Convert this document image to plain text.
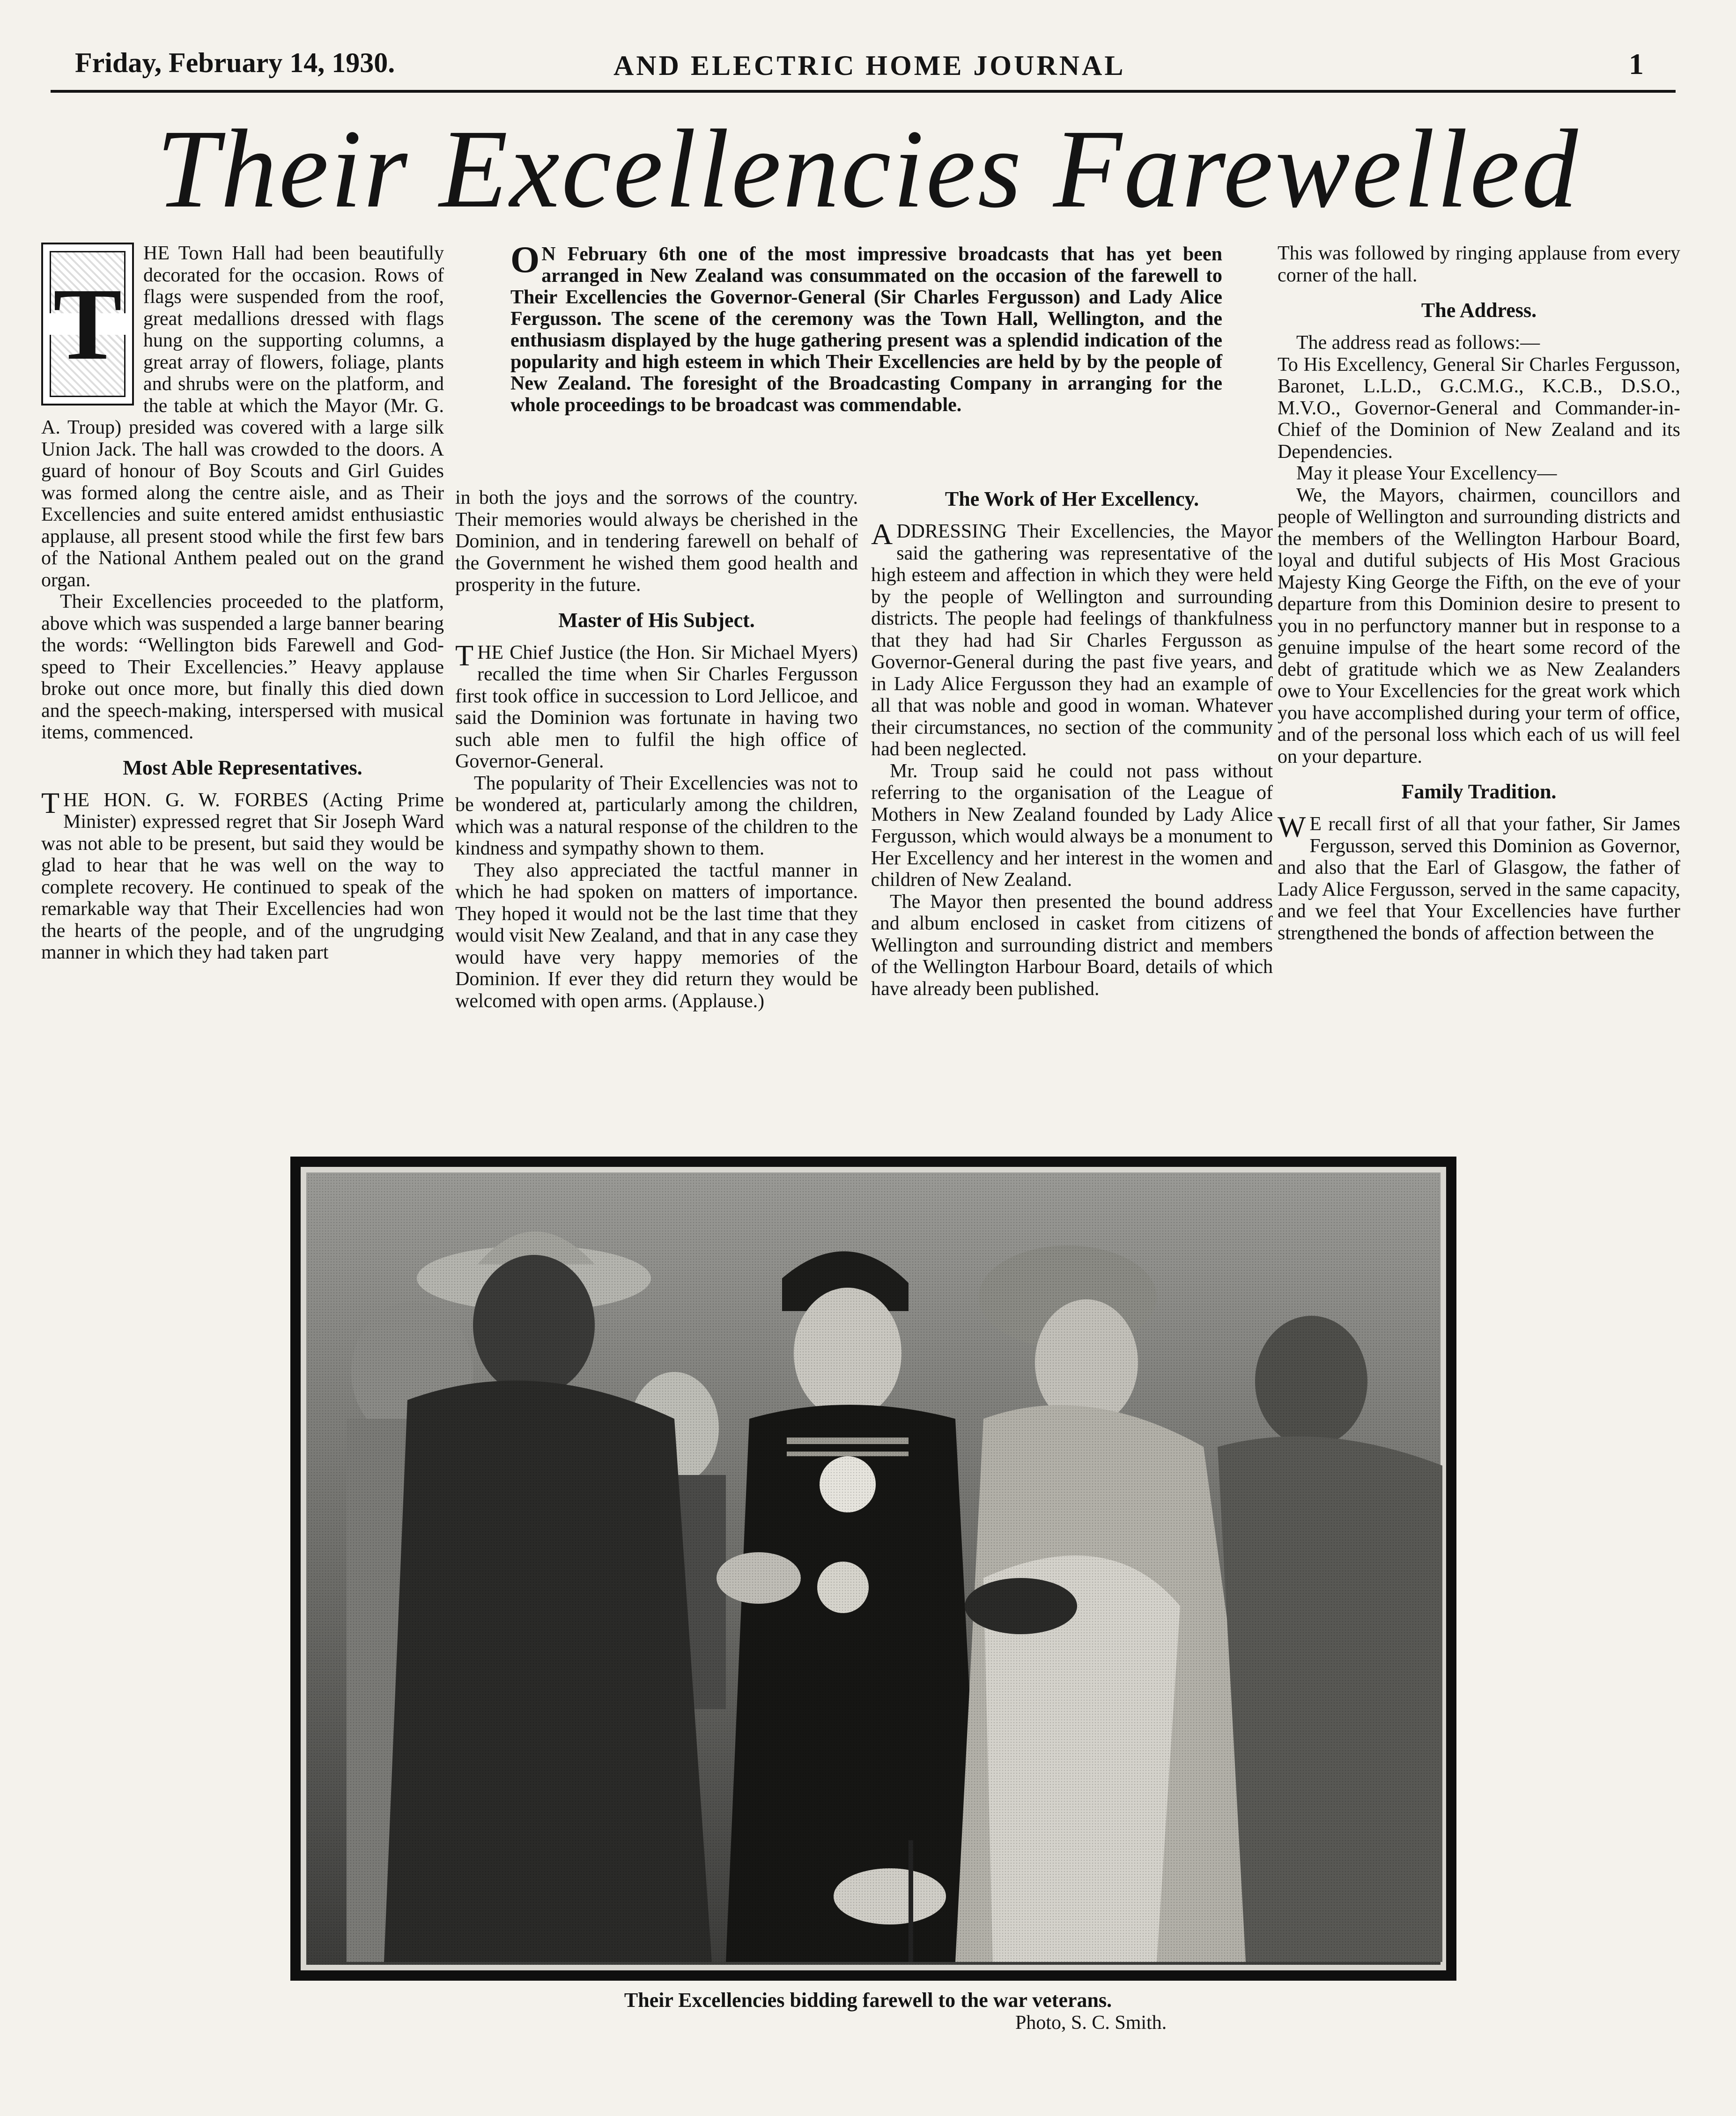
Friday, February 14, 1930.	AND ELECTRIC HOME JOURNAL	1
Their Excellencies Farewelled
O N February 6th one of the most impressive broadcasts that has yet been arranged in New Zealand was consummated on the occasion of the farewell to Their Excellencies the Governor-General (Sir Charles Fergusson) and Lady Alice Fergusson. The scene of the ceremony was the Town Hall, Wellington, and the enthusiasm displayed by the huge gathering present was a splendid indication of the popularity and high esteem in which Their Excellencies are held by by the people of New Zealand. The foresight of the Broadcasting Company in arranging for the whole proceedings to be broadcast was commendable.

T
HE Town Hall had been beautifully decorated for the occasion. Rows of flags were suspended from the roof, great medallions dressed with flags hung on the supporting columns, a great array of flowers, foliage, plants and shrubs were on the platform, and the table at which the Mayor (Mr. G. A. Troup) presided was covered with a large silk Union Jack. The hall was crowded to the doors. A guard of honour of Boy Scouts and Girl Guides was formed along the centre aisle, and as Their Excellencies and suite entered amidst enthusiastic applause, all present stood while the first few bars of the National Anthem pealed out on the grand organ.

Their Excellencies proceeded to the platform, above which was suspended a large banner bearing the words: “Wellington bids Farewell and God-speed to Their Excellencies.” Heavy applause broke out once more, but finally this died down and the speech-making, interspersed with musical items, commenced.

Most Able Representatives.

THE HON. G. W. FORBES (Acting Prime Minister) expressed regret that Sir Joseph Ward was not able to be present, but said they would be glad to hear that he was well on the way to complete recovery. He continued to speak of the remarkable way that Their Excellencies had won the hearts of the people, and of the ungrudging manner in which they had taken part

in both the joys and the sorrows of the country. Their memories would always be cherished in the Dominion, and in tendering farewell on behalf of the Government he wished them good health and prosperity in the future.

Master of His Subject.

THE Chief Justice (the Hon. Sir Michael Myers) recalled the time when Sir Charles Fergusson first took office in succession to Lord Jellicoe, and said the Dominion was fortunate in having two such able men to fulfil the high office of Governor-General.

The popularity of Their Excellencies was not to be wondered at, particularly among the children, which was a natural response of the children to the kindness and sympathy shown to them.

They also appreciated the tactful manner in which he had spoken on matters of importance. They hoped it would not be the last time that they would visit New Zealand, and that in any case they would have very happy memories of the Dominion. If ever they did return they would be welcomed with open arms. (Applause.)

The Work of Her Excellency.

ADDRESSING Their Excellencies, the Mayor said the gathering was representative of the high esteem and affection in which they were held by the people of Wellington and surrounding districts. The people had feelings of thankfulness that they had had Sir Charles Fergusson as Governor-General during the past five years, and in Lady Alice Fergusson they had an example of all that was noble and good in woman. Whatever their circumstances, no section of the community had been neglected.

Mr. Troup said he could not pass without referring to the organisation of the League of Mothers in New Zealand founded by Lady Alice Fergusson, which would always be a monument to Her Excellency and her interest in the women and children of New Zealand.

The Mayor then presented the bound address and album enclosed in casket from citizens of Wellington and surrounding district and members of the Wellington Harbour Board, details of which have already been published.

This was followed by ringing applause from every corner of the hall.

The Address.

The address read as follows:—

To His Excellency, General Sir Charles Fergusson, Baronet, L.L.D., G.C.M.G., K.C.B., D.S.O., M.V.O., Governor-General and Commander-in-Chief of the Dominion of New Zealand and its Dependencies.

May it please Your Excellency—

We, the Mayors, chairmen, councillors and people of Wellington and surrounding districts and the members of the Wellington Harbour Board, loyal and dutiful subjects of His Most Gracious Majesty King George the Fifth, on the eve of your departure from this Dominion desire to present to you in no perfunctory manner but in response to a genuine impulse of the heart some record of the debt of gratitude which we as New Zealanders owe to Your Excellencies for the great work which you have accomplished during your term of office, and of the personal loss which each of us will feel on your departure.

Family Tradition.

W E recall first of all that your father, Sir James Fergusson, served this Dominion as Governor, and also that the Earl of Glasgow, the father of Lady Alice Fergusson, served in the same capacity, and we feel that Your Excellencies have further strengthened the bonds of affection between the

Their Excellencies bidding farewell to the war veterans.
Photo, S. C. Smith.
